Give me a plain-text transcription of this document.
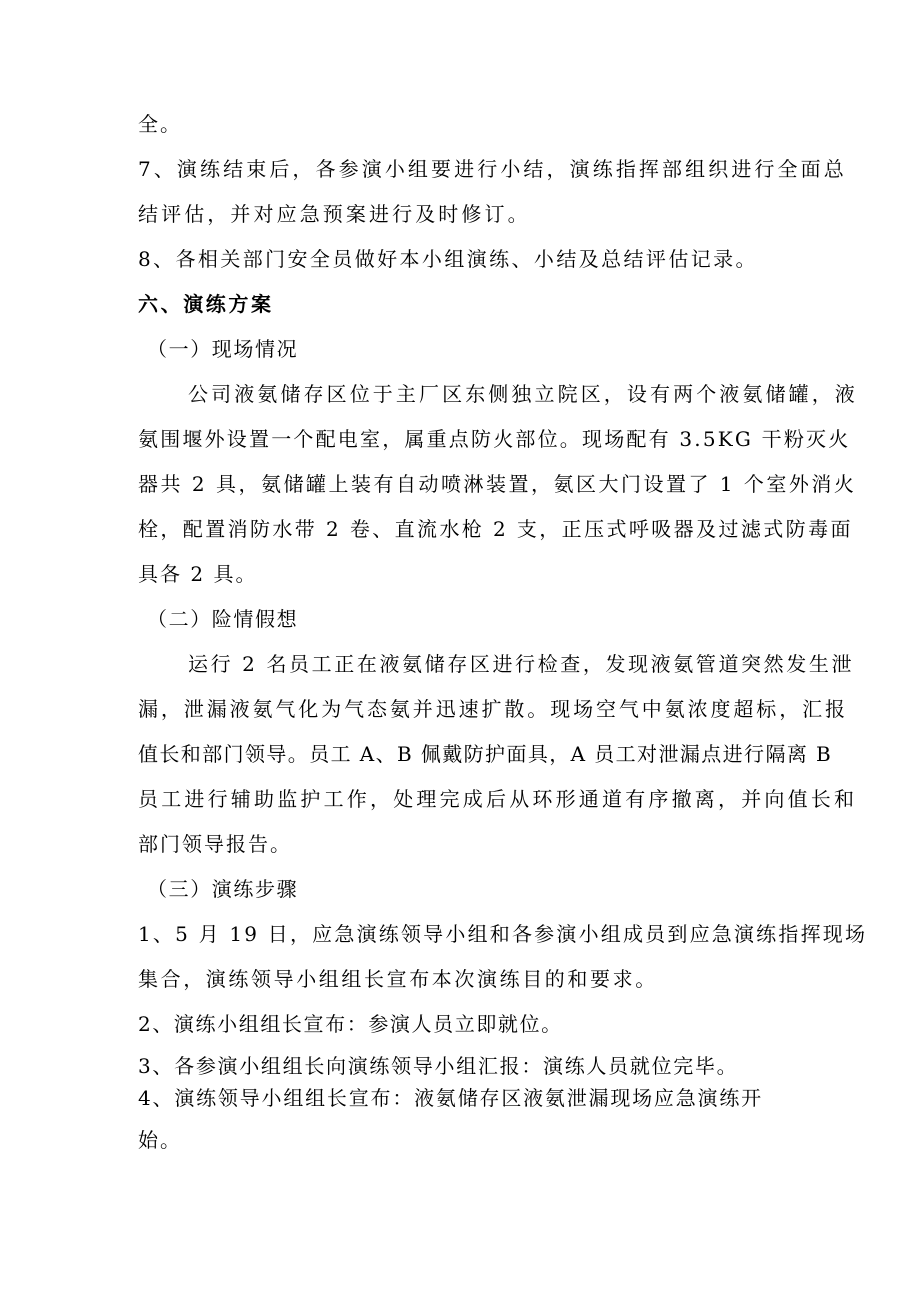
全。

7、演练结束后，各参演小组要进行小结，演练指挥部组织进行全面总

结评估，并对应急预案进行及时修订。

8、各相关部门安全员做好本小组演练、小结及总结评估记录。

六、演练方案

（一）现场情况

公司液氨储存区位于主厂区东侧独立院区，设有两个液氨储罐，液

氨围堰外设置一个配电室，属重点防火部位。现场配有 3.5KG 干粉灭火

器共 2 具，氨储罐上装有自动喷淋装置，氨区大门设置了 1 个室外消火

栓，配置消防水带 2 卷、直流水枪 2 支，正压式呼吸器及过滤式防毒面

具各 2 具。

（二）险情假想

运行 2 名员工正在液氨储存区进行检查，发现液氨管道突然发生泄

漏，泄漏液氨气化为气态氨并迅速扩散。现场空气中氨浓度超标，汇报

值长和部门领导。员工 A、B 佩戴防护面具，A 员工对泄漏点进行隔离 B

员工进行辅助监护工作，处理完成后从环形通道有序撤离，并向值长和

部门领导报告。

（三）演练步骤

1、5 月 19 日，应急演练领导小组和各参演小组成员到应急演练指挥现场

集合，演练领导小组组长宣布本次演练目的和要求。

2、演练小组组长宣布：参演人员立即就位。

3、各参演小组组长向演练领导小组汇报：演练人员就位完毕。

4、演练领导小组组长宣布：液氨储存区液氨泄漏现场应急演练开

始。
